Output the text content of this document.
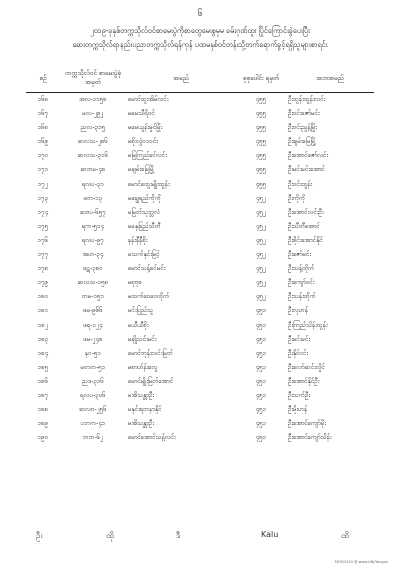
၆
၂၀၁၉-ခုနှစ်တက္ကသိုလ်ဝင်စာမေးပွဲကိုစာတွေမေးစွမှမ ခမ်းဂုဏ်ထူး ပြိုင်ကြောင်းခွဲပေးပြီး
ဆေးတက္ကသိုလ်ရာနည်းပညာတက္ကသိုလ်ရန်ကုန် ပထမနှစ်ဝင်တန်းသို့တက်ရောက်ခွင့်ရရှိသူများစာရင်း
စဉ်	တက္ကသိုလ်ဝင် စာမေးပွဲခုံအမှတ်	အမည်	စုစုပေါင်း ရမှတ်	အဘအမည်
၁၆၈	အလ-၁၁၅၈	မောင်ထူးအိမ်လင်း	၄၅၅	ဦးထွန်းထွန်းလင်း
၁၆၇	မလ-၂၉၂	မမေသီရိဝင်	၄၅၅	ဦးဝင်းဇော်မင်း
၁၆၈	ညလ-၃၁၅	မမေယွန်းမှုင်မြိုး	၄၅၅	ဦးဝင်းညွန့်မြိုး
၁၆၉	ဆလသ-၂၈၆	မစိုးလွဲဝ၁ဝင်း	၄၅၅	ဦးချမ်းမြေမြို့
၁၇၀	ဆလသ-၃၁၆	မမြကြည်ခင်လင်း	၄၅၅	ဦးအောင်ဇော်လင်း
၁၇၁	ဆတမ-၄၈	မချမ်းမြေမြို့	၄၅၅	ဦးမင်းမင်းအောင်
၁၇၂	ရလပ-၃၁	မောင်ထွေးမျိုးထွန်း	၄၅၅	ဦးဝင်းထွန်း
၁၇၃	ဖတ-၁၃	မချွေရည်ကိုကို	၄၅၂	ဦးကိုကို
၁၇၄	ဆဗပ-၆၅၇	မမြတ်သုဘ္ဘလံ	၄၅၂	ဦးအောင်လင်းဦး
၁၇၅	ရက-၅၁၄	မနှေခြည်သီတီ	၄၅၂	ဦးသီတီအောင်
၁၇၆	ရလပ-၉၇	နန်းနီနီစိုး	၄၅၂	ဦးစိုင်းအောင်နိုင်
၁၇၇	အဟ-၃၄	မသက်နှင်းမြင့်	၄၅၂	ဦးဇော်မင်း
၁၇၈	ဖဋ-၃၈၀	မောင်သန့်ခင်မင်း	၄၅၂	ဦးသန့်ထိုက်
၁၇၉	ဆလသ-၁၅၈	မစုဗုဓ	၄၅၂	ဦးကျော်ဝင်း
၁၈၀	တမ-၁၅၁	မထက်ဝေဝေထိုက်	၄၅၂	ဦးသန်းထိုက်
၁၈၁	ဖမ-၉၆၆	မင်းပြည်သူ	၄၅၁	ဦးလှဟန်
၁၈၂	ဖရ-၁၂၄	မယီယီစိုး	၄၅၁	ဦးကြည်သိန်းထွန်း
၁၈၃	ဖမ-၂၄၈	မချိုသင်းမင်း	၄၅၁	ဦးမင်းမင်း
၁၈၄	နဂ-၅၁	မောင်ဘုန်းလင်းမြတ်	၄၅၁	ဦးနိုင်ဝင်း
၁၈၅	မတတ-၅၁	မစာဟ်န်းလွေ	၄၅၁	ဦးလော်ဆင်းလှိုင်
၁၈၆	ညဒ-၃၁၆	မောင်မျိုးမြတ်အောင်	၄၅၁	ဦးအောင်နိုင်ဦး
၁၈၇	ရလပ-၃၀၆	မအိသန္တာဦး	၄၅၁	ဦးသက်ဦး
၁၈၈	ဆလဗ-၂၅၆	မနှင်းရတနာနိုင်	၄၅၁	ဦးမိုးဟန်
၁၈၉	ပဘက-၄၁	မအိသန္တာဦး	၄၅၁	ဦးအောင်ကျော်မိုး
၁၉၀	ဘဘ-၆၂	မောင်အောင်သန့်လင်း	၄၅၀	ဦးအောင်ကျော်သိန်း
ဦး	ထို	ဒီ	Kalu	ထိ
MOE/2019 @ www.UNI/Yangon
